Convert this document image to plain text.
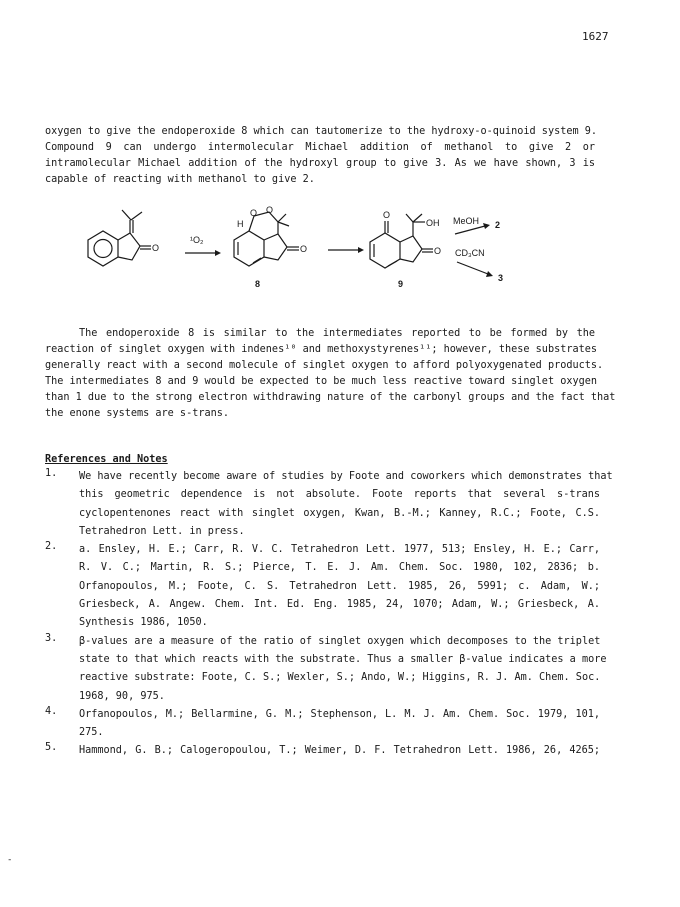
1627
oxygen to give the endoperoxide 8 which can tautomerize to the hydroxy-o-quinoid system 9.
Compound 9 can undergo intermolecular Michael addition of methanol to give 2 or
intramolecular Michael addition of the hydroxyl group to give 3. As we have shown, 3 is
capable of reacting with methanol to give 2.
O
¹O₂
H
O O
O
8
O
OH
O
9
MeOH 2
CD₃CN
3
The endoperoxide 8 is similar to the intermediates reported to be formed by the
reaction of singlet oxygen with indenes¹⁰ and methoxystyrenes¹¹; however, these substrates
generally react with a second molecule of singlet oxygen to afford polyoxygenated products.
The intermediates 8 and 9 would be expected to be much less reactive toward singlet oxygen
than 1 due to the strong electron withdrawing nature of the carbonyl groups and the fact that
the enone systems are s-trans.
References and Notes
1. We have recently become aware of studies by Foote and coworkers which demonstrates that
this geometric dependence is not absolute. Foote reports that several s-trans
cyclopentenones react with singlet oxygen, Kwan, B.-M.; Kanney, R.C.; Foote, C.S.
Tetrahedron Lett. in press.
2. a. Ensley, H. E.; Carr, R. V. C. Tetrahedron Lett. 1977, 513; Ensley, H. E.; Carr,
R. V. C.; Martin, R. S.; Pierce, T. E. J. Am. Chem. Soc. 1980, 102, 2836; b.
Orfanopoulos, M.; Foote, C. S. Tetrahedron Lett. 1985, 26, 5991; c. Adam, W.;
Griesbeck, A. Angew. Chem. Int. Ed. Eng. 1985, 24, 1070; Adam, W.; Griesbeck, A.
Synthesis 1986, 1050.
3. β-values are a measure of the ratio of singlet oxygen which decomposes to the triplet
state to that which reacts with the substrate. Thus a smaller β-value indicates a more
reactive substrate: Foote, C. S.; Wexler, S.; Ando, W.; Higgins, R. J. Am. Chem. Soc.
1968, 90, 975.
4. Orfanopoulos, M.; Bellarmine, G. M.; Stephenson, L. M. J. Am. Chem. Soc. 1979, 101,
275.
5. Hammond, G. B.; Calogeropoulou, T.; Weimer, D. F. Tetrahedron Lett. 1986, 26, 4265;
-
